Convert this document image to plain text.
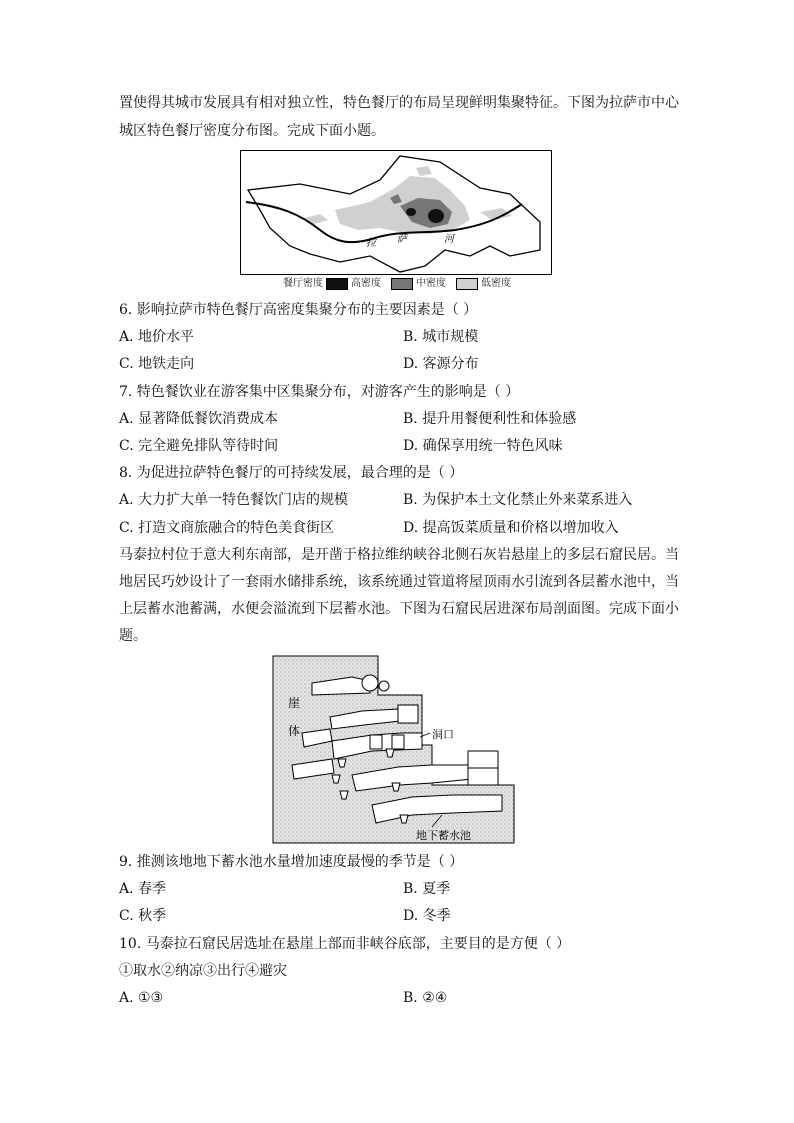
置使得其城市发展具有相对独立性，特色餐厅的布局呈现鲜明集聚特征。下图为拉萨市中心
城区特色餐厅密度分布图。完成下面小题。
拉 萨	河
餐厅密度	高密度	中密度	低密度
6. 影响拉萨市特色餐厅高密度集聚分布的主要因素是（ ）
A. 地价水平	B. 城市规模
C. 地铁走向	D. 客源分布
7. 特色餐饮业在游客集中区集聚分布，对游客产生的影响是（ ）
A. 显著降低餐饮消费成本	B. 提升用餐便利性和体验感
C. 完全避免排队等待时间	D. 确保享用统一特色风味
8. 为促进拉萨特色餐厅的可持续发展，最合理的是（ ）
A. 大力扩大单一特色餐饮门店的规模	B. 为保护本土文化禁止外来菜系进入
C. 打造文商旅融合的特色美食街区	D. 提高饭菜质量和价格以增加收入
马泰拉村位于意大利东南部，是开凿于格拉维纳峡谷北侧石灰岩悬崖上的多层石窟民居。当
地居民巧妙设计了一套雨水储排系统，该系统通过管道将屋顶雨水引流到各层蓄水池中，当
上层蓄水池蓄满，水便会溢流到下层蓄水池。下图为石窟民居进深布局剖面图。完成下面小
题。
崖
体	洞口
地下蓄水池
9. 推测该地地下蓄水池水量增加速度最慢的季节是（ ）
A. 春季	B. 夏季
C. 秋季	D. 冬季
10. 马泰拉石窟民居选址在悬崖上部而非峡谷底部，主要目的是方便（ ）
①取水②纳凉③出行④避灾
A. ①③	B. ②④
